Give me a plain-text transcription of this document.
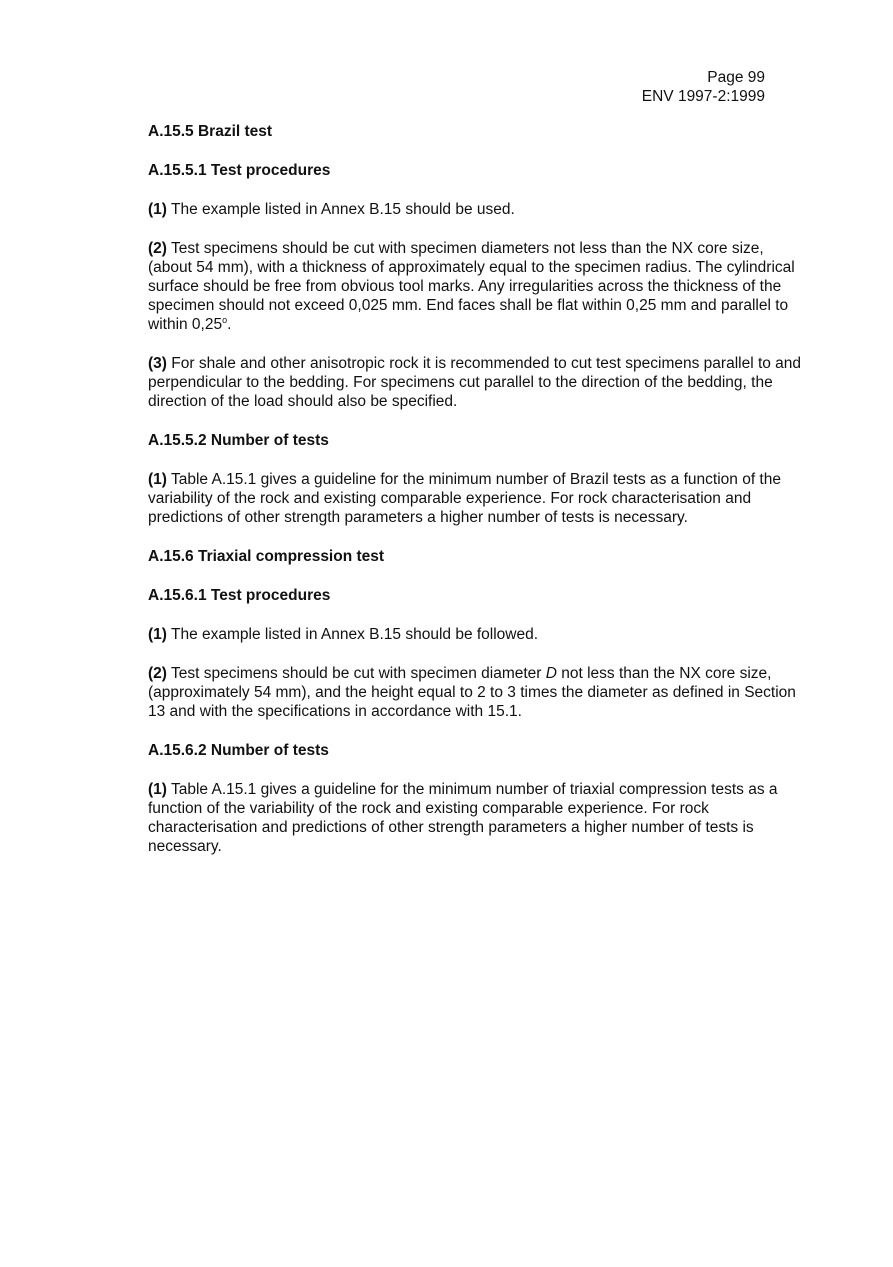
Page 99
ENV 1997-2:1999
A.15.5 Brazil test
A.15.5.1 Test procedures
(1) The example listed in Annex B.15 should be used.
(2) Test specimens should be cut with specimen diameters not less than the NX core size, (about 54 mm), with a thickness of approximately equal to the specimen radius. The cylindrical surface should be free from obvious tool marks. Any irregularities across the thickness of the specimen should not exceed 0,025 mm. End faces shall be flat within 0,25 mm and parallel to within 0,25$^o$.
(3) For shale and other anisotropic rock it is recommended to cut test specimens parallel to and perpendicular to the bedding. For specimens cut parallel to the direction of the bedding, the direction of the load should also be specified.
A.15.5.2 Number of tests
(1) Table A.15.1 gives a guideline for the minimum number of Brazil tests as a function of the variability of the rock and existing comparable experience. For rock characterisation and predictions of other strength parameters a higher number of tests is necessary.
A.15.6 Triaxial compression test
A.15.6.1 Test procedures
(1) The example listed in Annex B.15 should be followed.
(2) Test specimens should be cut with specimen diameter D not less than the NX core size, (approximately 54 mm), and the height equal to 2 to 3 times the diameter as defined in Section 13 and with the specifications in accordance with 15.1.
A.15.6.2 Number of tests
(1) Table A.15.1 gives a guideline for the minimum number of triaxial compression tests as a function of the variability of the rock and existing comparable experience. For rock characterisation and predictions of other strength parameters a higher number of tests is necessary.
